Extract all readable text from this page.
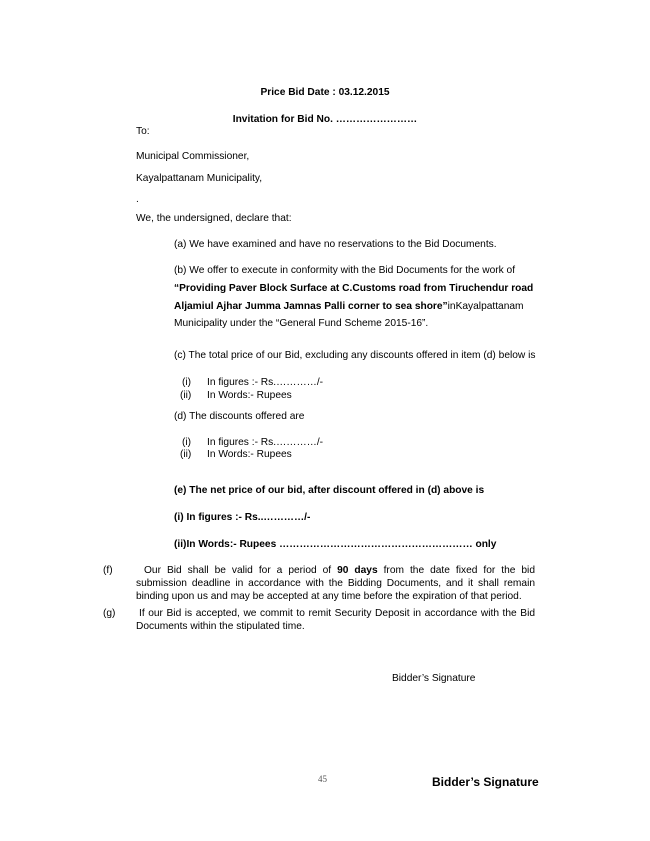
Price Bid Date : 03.12.2015
Invitation for Bid No. ……………………
To:
Municipal Commissioner,
Kayalpattanam Municipality,
.
We, the undersigned, declare that:
(a) We have examined and have no reservations to the Bid Documents.
(b) We offer to execute in conformity with the Bid Documents for the work of
“Providing Paver Block Surface at C.Customs road from Tiruchendur road
Aljamiul Ajhar Jumma Jamnas Palli corner to sea shore”inKayalpattanam
Municipality under the “General Fund Scheme 2015-16”.
(c) The total price of our Bid, excluding any discounts offered in item (d) below is
(i) In figures :- Rs.…………/-
(ii) In Words:- Rupees
(d) The discounts offered are
(i) In figures :- Rs.…………/-
(ii) In Words:- Rupees
(e) The net price of our bid, after discount offered in (d) above is
(i) In figures :- Rs..…………/-
(ii)In Words:- Rupees ………………………………………………… only
(f)	Our Bid shall be valid for a period of 90 days from the date fixed for the bid submission deadline in accordance with the Bidding Documents, and it shall remain binding upon us and may be accepted at any time before the expiration of that period.
(g) If our Bid is accepted, we commit to remit Security Deposit in accordance with the Bid Documents within the stipulated time.
Bidder’s Signature
45	Bidder’s Signature
